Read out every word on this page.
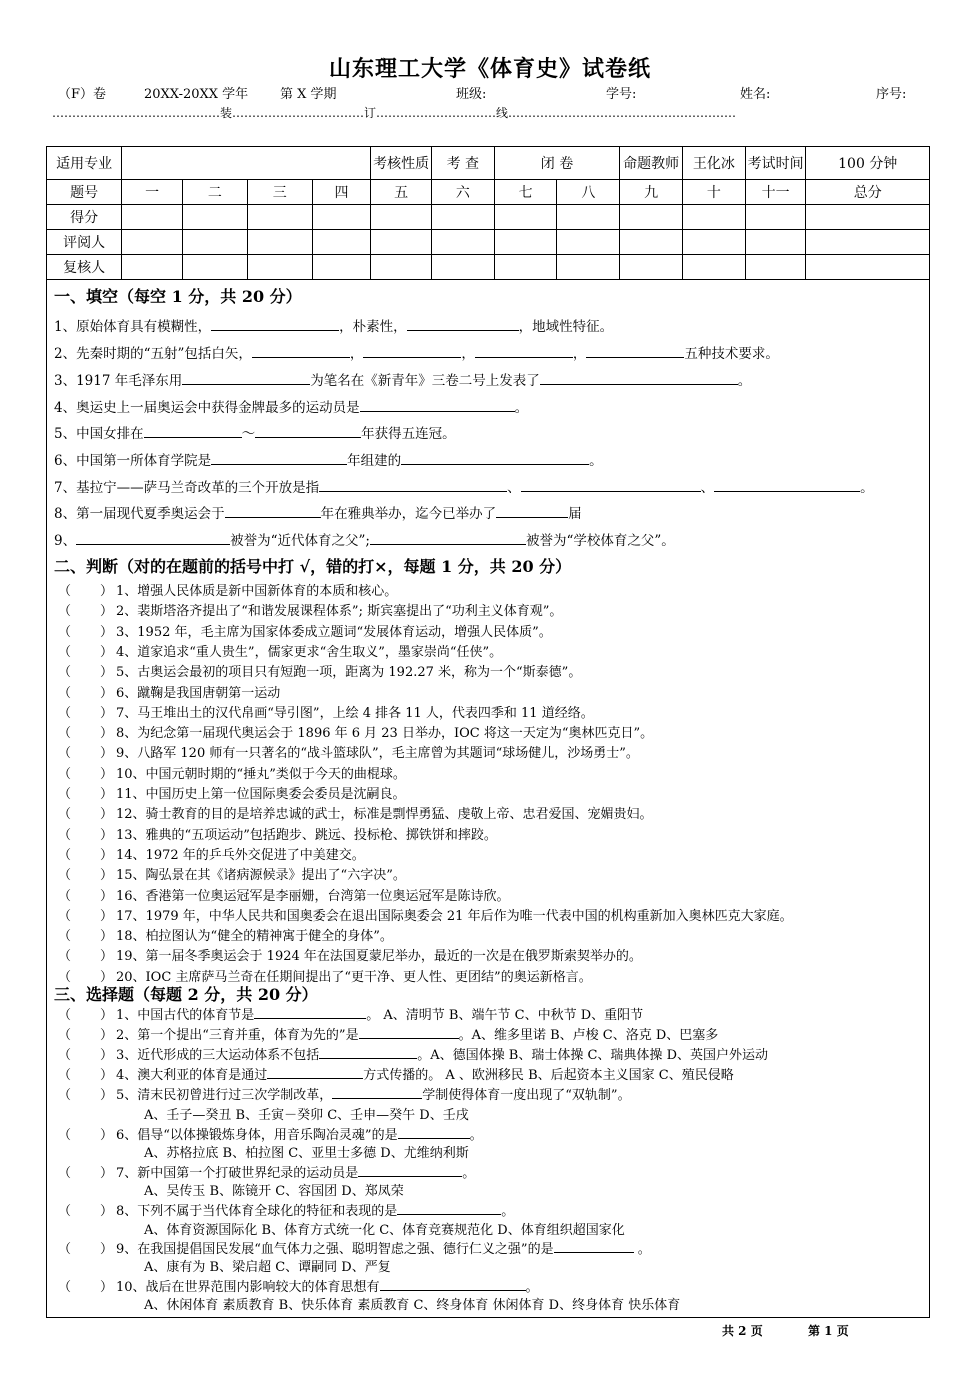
山东理工大学《体育史》试卷纸
（F）卷	20XX-20XX 学年 第 X 学期	班级:	学号:	姓名:	序号:
……………………………………装……………………………订…………………………线…………………………………………………
适用专业					考核性质	考 查	闭 卷		命题教师	王化冰	考试时间	100 分钟
题号	一	二	三	四	五	六	七	八	九	十	十一	总分
得分												
评阅人												
复核人												
一、填空（每空 1 分，共 20 分）
1、原始体育具有模糊性，	，朴素性，	，地域性特征。
2、先秦时期的“五射”包括白矢，	，	，	，	五种技术要求。
3、1917 年毛泽东用	为笔名在《新青年》三卷二号上发表了	。
4、奥运史上一届奥运会中获得金牌最多的运动员是	。
5、中国女排在	～	年获得五连冠。
6、中国第一所体育学院是	年组建的	。
7、基拉宁——萨马兰奇改革的三个开放是指	、	、	。
8、第一届现代夏季奥运会于	年在雅典举办，迄今已举办了	届
9、	被誉为“近代体育之父”;	被誉为“学校体育之父”。
二、判断（对的在题前的括号中打 √，错的打×，每题 1 分，共 20 分）
（ ） 1、增强人民体质是新中国新体育的本质和核心。
（ ） 2、裴斯塔洛齐提出了“和谐发展课程体系”; 斯宾塞提出了“功利主义体育观”。
（ ） 3、1952 年，毛主席为国家体委成立题词“发展体育运动，增强人民体质”。
（ ） 4、道家追求“重人贵生”，儒家更求“舍生取义”，墨家崇尚“任侠”。
（ ） 5、古奥运会最初的项目只有短跑一项，距离为 192.27 米，称为一个“斯泰德”。
（ ） 6、蹴鞠是我国唐朝第一运动
（ ） 7、马王堆出土的汉代帛画“导引图”，上绘 4 排各 11 人，代表四季和 11 道经络。
（ ） 8、为纪念第一届现代奥运会于 1896 年 6 月 23 日举办，IOC 将这一天定为“奥林匹克日”。
（ ） 9、八路军 120 师有一只著名的“战斗篮球队”，毛主席曾为其题词“球场健儿，沙场勇士”。
（ ） 10、中国元朝时期的“捶丸”类似于今天的曲棍球。
（ ） 11、中国历史上第一位国际奥委会委员是沈嗣良。
（ ） 12、骑士教育的目的是培养忠诚的武士，标准是剽悍勇猛、虔敬上帝、忠君爱国、宠媚贵妇。
（ ） 13、雅典的“五项运动”包括跑步、跳远、投标枪、掷铁饼和摔跤。
（ ） 14、1972 年的乒乓外交促进了中美建交。
（ ） 15、陶弘景在其《诸病源候录》提出了“六字决”。
（ ） 16、香港第一位奥运冠军是李丽姗，台湾第一位奥运冠军是陈诗欣。
（ ） 17、1979 年，中华人民共和国奥委会在退出国际奥委会 21 年后作为唯一代表中国的机构重新加入奥林匹克大家庭。
（ ） 18、柏拉图认为“健全的精神寓于健全的身体”。
（ ） 19、第一届冬季奥运会于 1924 年在法国夏蒙尼举办，最近的一次是在俄罗斯索契举办的。
（ ） 20、IOC 主席萨马兰奇在任期间提出了“更干净、更人性、更团结”的奥运新格言。
三、选择题（每题 2 分，共 20 分）
（ ） 1、中国古代的体育节是	。 A、清明节 B、端午节 C、中秋节 D、重阳节
（ ） 2、第一个提出“三育并重，体育为先的”是	。A、维多里诺 B、卢梭 C、洛克 D、巴塞多
（ ） 3、近代形成的三大运动体系不包括	。A、德国体操 B、瑞士体操 C、瑞典体操 D、英国户外运动
（ ） 4、澳大利亚的体育是通过	方式传播的。 A 、欧洲移民 B、后起资本主义国家 C、殖民侵略
（ ） 5、清末民初曾进行过三次学制改革，	学制使得体育一度出现了“双轨制”。
A、壬子—癸丑 B、壬寅－癸卯 C、壬申—癸午 D、壬戌
（ ） 6、倡导“以体操锻炼身体，用音乐陶冶灵魂”的是	。
A、苏格拉底 B、柏拉图 C、亚里士多德 D、尤维纳利斯
（ ） 7、新中国第一个打破世界纪录的运动员是	。
A、吴传玉 B、陈镜开 C、容国团 D、郑凤荣
（ ） 8、下列不属于当代体育全球化的特征和表现的是	。
A、体育资源国际化 B、体育方式统一化 C、体育竞赛规范化 D、体育组织超国家化
（ ） 9、在我国提倡国民发展“血气体力之强、聪明智虑之强、德行仁义之强”的是	。
A、康有为 B、梁启超 C、谭嗣同 D、严复
（ ） 10、战后在世界范围内影响较大的体育思想有	。
A、休闲体育 素质教育 B、快乐体育 素质教育 C、终身体育 休闲体育 D、终身体育 快乐体育
共 2 页	第 1 页
